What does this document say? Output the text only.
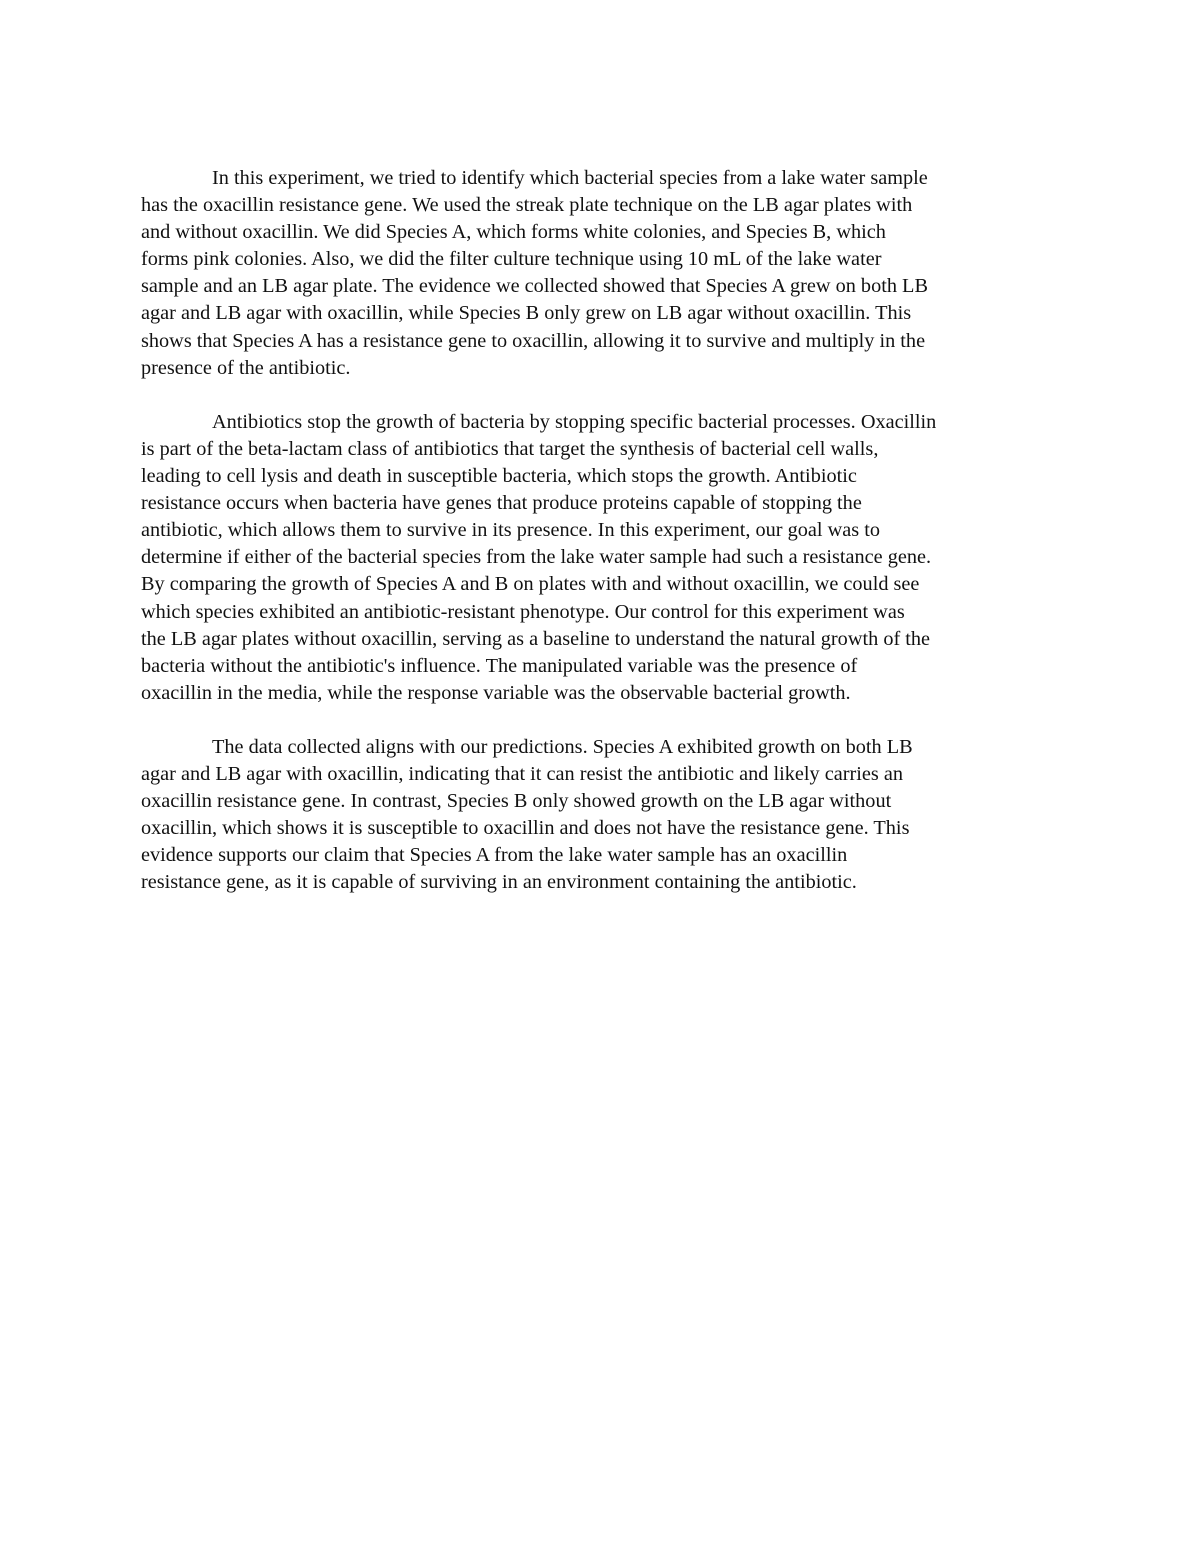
In this experiment, we tried to identify which bacterial species from a lake water sample
has the oxacillin resistance gene. We used the streak plate technique on the LB agar plates with
and without oxacillin. We did Species A, which forms white colonies, and Species B, which
forms pink colonies. Also, we did the filter culture technique using 10 mL of the lake water
sample and an LB agar plate. The evidence we collected showed that Species A grew on both LB
agar and LB agar with oxacillin, while Species B only grew on LB agar without oxacillin. This
shows that Species A has a resistance gene to oxacillin, allowing it to survive and multiply in the
presence of the antibiotic.

Antibiotics stop the growth of bacteria by stopping specific bacterial processes. Oxacillin
is part of the beta-lactam class of antibiotics that target the synthesis of bacterial cell walls,
leading to cell lysis and death in susceptible bacteria, which stops the growth. Antibiotic
resistance occurs when bacteria have genes that produce proteins capable of stopping the
antibiotic, which allows them to survive in its presence. In this experiment, our goal was to
determine if either of the bacterial species from the lake water sample had such a resistance gene.
By comparing the growth of Species A and B on plates with and without oxacillin, we could see
which species exhibited an antibiotic-resistant phenotype. Our control for this experiment was
the LB agar plates without oxacillin, serving as a baseline to understand the natural growth of the
bacteria without the antibiotic's influence. The manipulated variable was the presence of
oxacillin in the media, while the response variable was the observable bacterial growth.

The data collected aligns with our predictions. Species A exhibited growth on both LB
agar and LB agar with oxacillin, indicating that it can resist the antibiotic and likely carries an
oxacillin resistance gene. In contrast, Species B only showed growth on the LB agar without
oxacillin, which shows it is susceptible to oxacillin and does not have the resistance gene. This
evidence supports our claim that Species A from the lake water sample has an oxacillin
resistance gene, as it is capable of surviving in an environment containing the antibiotic.
